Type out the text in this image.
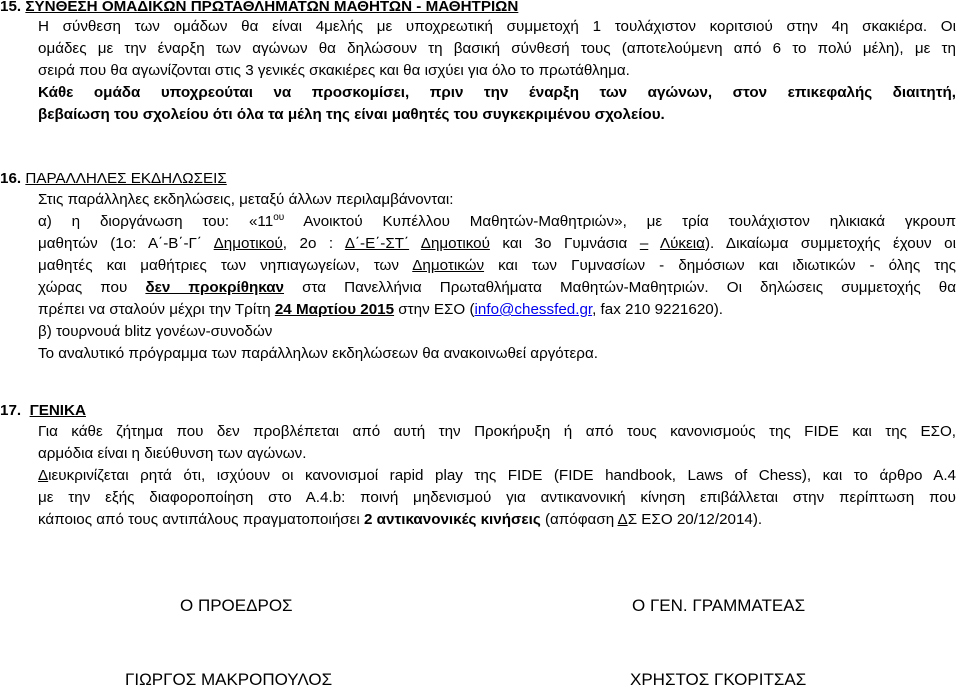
15. ΣΥΝΘΕΣΗ ΟΜΑΔΙΚΩΝ ΠΡΩΤΑΘΛΗΜΑΤΩΝ ΜΑΘΗΤΩΝ - ΜΑΘΗΤΡΙΩΝ
Η σύνθεση των ομάδων θα είναι 4μελής με υποχρεωτική συμμετοχή 1 τουλάχιστον κοριτσιού στην 4η σκακιέρα. Οι
ομάδες με την έναρξη των αγώνων θα δηλώσουν τη βασική σύνθεσή τους (αποτελούμενη από 6 το πολύ μέλη), με τη
σειρά που θα αγωνίζονται στις 3 γενικές σκακιέρες και θα ισχύει για όλο το πρωτάθλημα.
Κάθε ομάδα υποχρεούται να προσκομίσει, πριν την έναρξη των αγώνων, στον επικεφαλής διαιτητή,
βεβαίωση του σχολείου ότι όλα τα μέλη της είναι μαθητές του συγκεκριμένου σχολείου.
16. ΠΑΡΑΛΛΗΛΕΣ ΕΚΔΗΛΩΣΕΙΣ
Στις παράλληλες εκδηλώσεις, μεταξύ άλλων περιλαμβάνονται:
α) η διοργάνωση του: «$11^{o\upsilon}$ Ανοικτού Κυπέλλου Μαθητών-Μαθητριών», με τρία τουλάχιστον ηλικιακά γκρουπ
μαθητών (1ο: Α΄-Β΄-Γ΄ Δημοτικού, 2ο : Δ΄-Ε΄-ΣΤ΄ Δημοτικού και 3ο Γυμνάσια – Λύκεια). Δικαίωμα συμμετοχής έχουν οι
μαθητές και μαθήτριες των νηπιαγωγείων, των Δημοτικών και των Γυμνασίων - δημόσιων και ιδιωτικών - όλης της
χώρας που δεν προκρίθηκαν στα Πανελλήνια Πρωταθλήματα Μαθητών-Μαθητριών. Οι δηλώσεις συμμετοχής θα
πρέπει να σταλούν μέχρι την Τρίτη 24 Μαρτίου 2015 στην ΕΣΟ (info@chessfed.gr, fax 210 9221620).
β) τουρνουά blitz γονέων-συνοδών
Το αναλυτικό πρόγραμμα των παράλληλων εκδηλώσεων θα ανακοινωθεί αργότερα.
17. ΓΕΝΙΚΑ
Για κάθε ζήτημα που δεν προβλέπεται από αυτή την Προκήρυξη ή από τους κανονισμούς της FIDE και της ΕΣΟ,
αρμόδια είναι η διεύθυνση των αγώνων.
Διευκρινίζεται ρητά ότι, ισχύουν οι κανονισμοί rapid play της FIDE (FIDE handbook, Laws of Chess), και το άρθρο Α.4
με την εξής διαφοροποίηση στο Α.4.b: ποινή μηδενισμού για αντικανονική κίνηση επιβάλλεται στην περίπτωση που
κάποιος από τους αντιπάλους πραγματοποιήσει 2 αντικανονικές κινήσεις (απόφαση ΔΣ ΕΣΟ 20/12/2014).
Ο ΠΡΟΕΔΡΟΣ	Ο ΓΕΝ. ΓΡΑΜΜΑΤΕΑΣ
ΓΙΩΡΓΟΣ ΜΑΚΡΟΠΟΥΛΟΣ	ΧΡΗΣΤΟΣ ΓΚΟΡΙΤΣΑΣ
